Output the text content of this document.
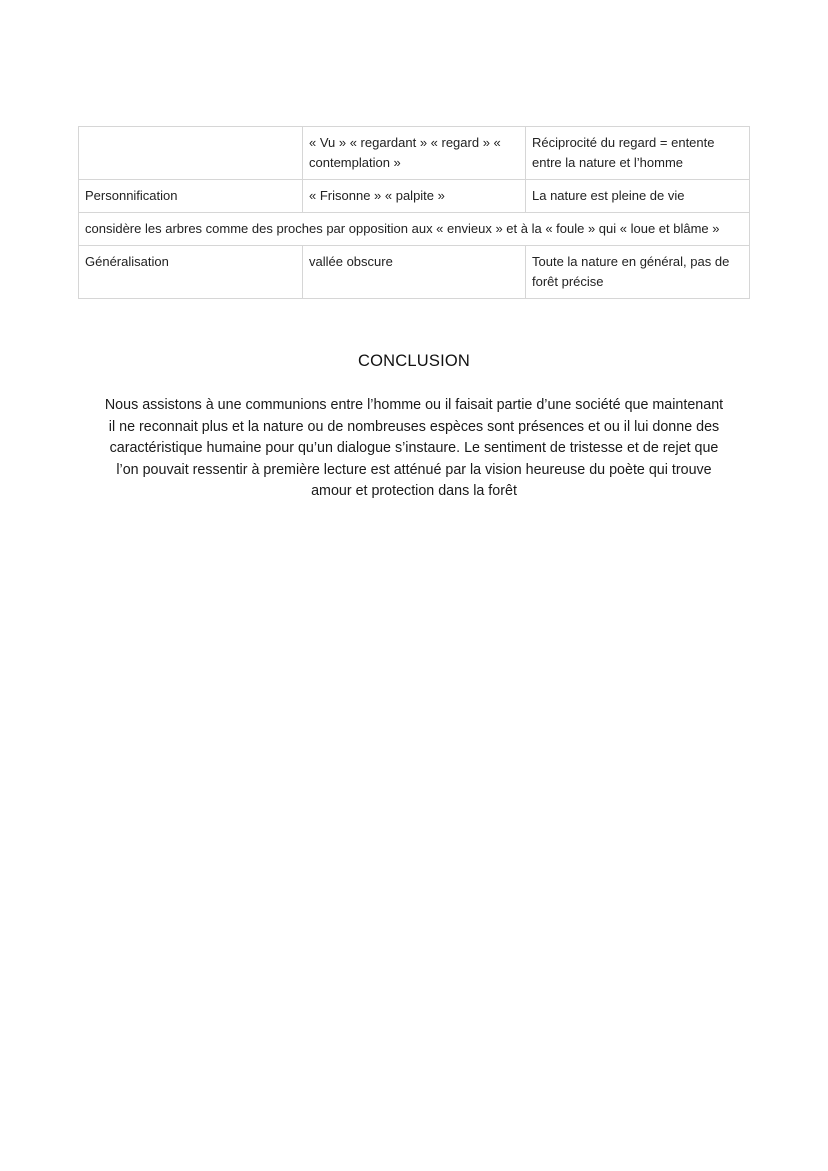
	« Vu » « regardant » « regard » « contemplation »	Réciprocité du regard = entente entre la nature et l’homme
Personnification	« Frisonne » « palpite »	La nature est pleine de vie
considère les arbres comme des proches par opposition aux « envieux » et à la « foule » qui « loue et blâme »		
Généralisation	vallée obscure	Toute la nature en général, pas de forêt précise
CONCLUSION
Nous assistons à une communions entre l’homme ou il faisait partie d’une société que maintenant
il ne reconnait plus et la nature ou de nombreuses espèces sont présences et ou il lui donne des
caractéristique humaine pour qu’un dialogue s’instaure. Le sentiment de tristesse et de rejet que
l’on pouvait ressentir à première lecture est atténué par la vision heureuse du poète qui trouve
amour et protection dans la forêt
